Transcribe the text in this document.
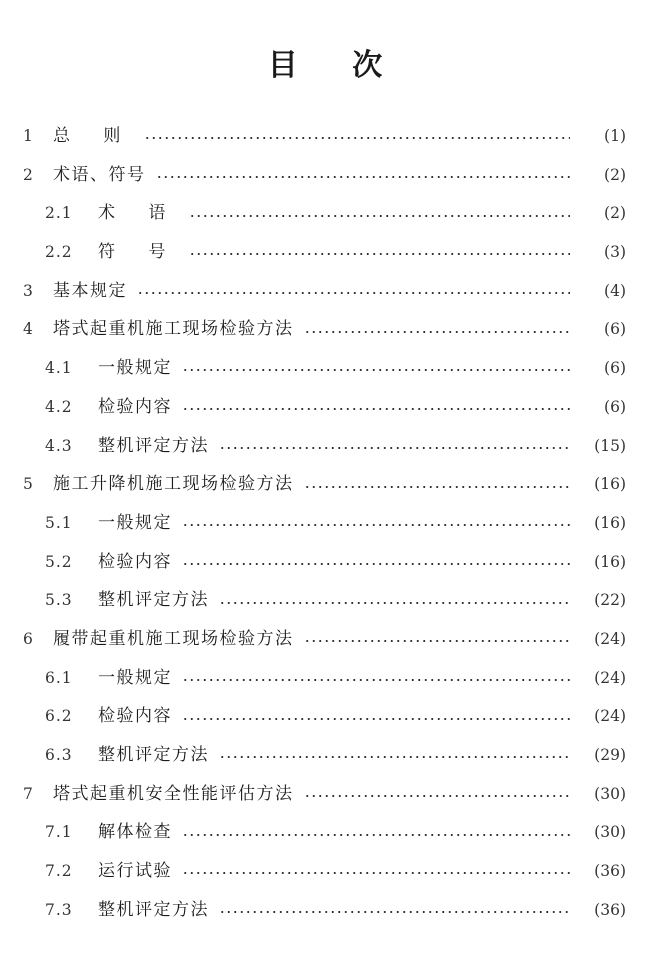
目 次
1	总 则	(1)
2	术语、符号	(2)
2.1	术 语	(2)
2.2	符 号	(3)
3	基本规定	(4)
4	塔式起重机施工现场检验方法	(6)
4.1	一般规定	(6)
4.2	检验内容	(6)
4.3	整机评定方法	(15)
5	施工升降机施工现场检验方法	(16)
5.1	一般规定	(16)
5.2	检验内容	(16)
5.3	整机评定方法	(22)
6	履带起重机施工现场检验方法	(24)
6.1	一般规定	(24)
6.2	检验内容	(24)
6.3	整机评定方法	(29)
7	塔式起重机安全性能评估方法	(30)
7.1	解体检查	(30)
7.2	运行试验	(36)
7.3	整机评定方法	(36)
